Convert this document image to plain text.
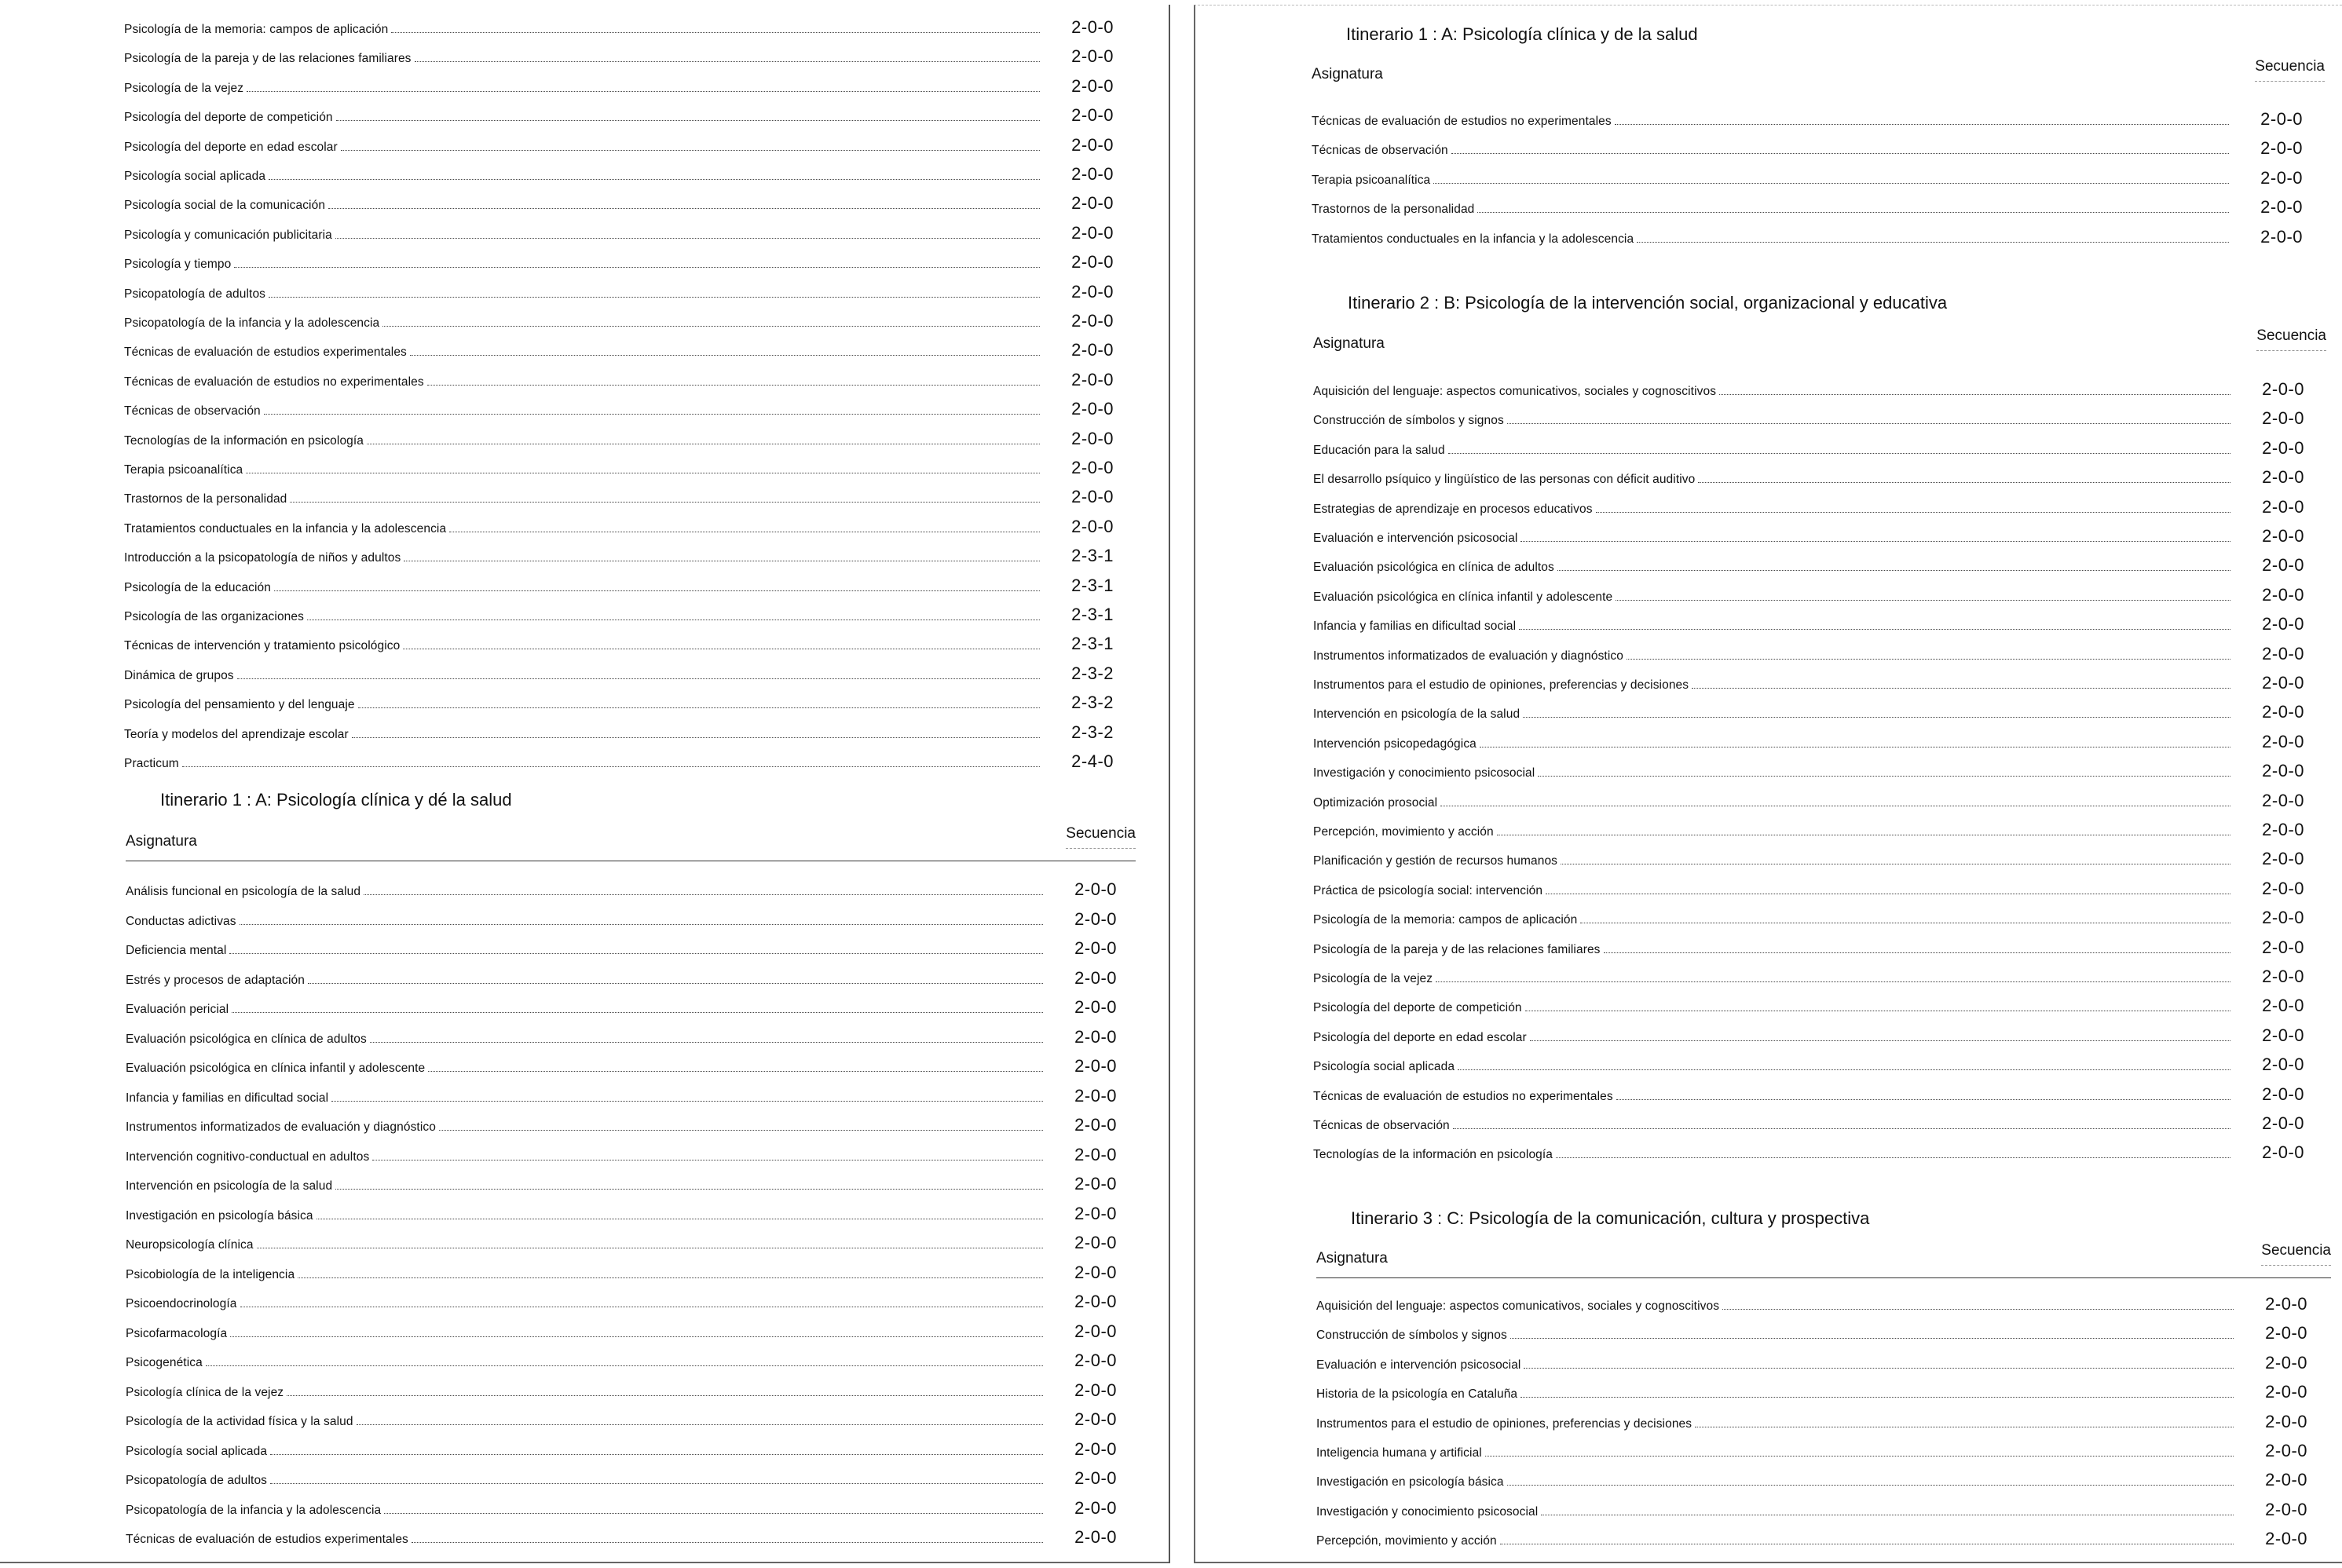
Psicología de la memoria: campos de aplicación	2-0-0
Psicología de la pareja y de las relaciones familiares	2-0-0
Psicología de la vejez	2-0-0
Psicología del deporte de competición	2-0-0
Psicología del deporte en edad escolar	2-0-0
Psicología social aplicada	2-0-0
Psicología social de la comunicación	2-0-0
Psicología y comunicación publicitaria	2-0-0
Psicología y tiempo	2-0-0
Psicopatología de adultos	2-0-0
Psicopatología de la infancia y la adolescencia	2-0-0
Técnicas de evaluación de estudios experimentales	2-0-0
Técnicas de evaluación de estudios no experimentales	2-0-0
Técnicas de observación	2-0-0
Tecnologías de la información en psicología	2-0-0
Terapia psicoanalítica	2-0-0
Trastornos de la personalidad	2-0-0
Tratamientos conductuales en la infancia y la adolescencia	2-0-0
Introducción a la psicopatología de niños y adultos	2-3-1
Psicología de la educación	2-3-1
Psicología de las organizaciones	2-3-1
Técnicas de intervención y tratamiento psicológico	2-3-1
Dinámica de grupos	2-3-2
Psicología del pensamiento y del lenguaje	2-3-2
Teoría y modelos del aprendizaje escolar	2-3-2
Practicum	2-4-0
Itinerario 1 : A: Psicología clínica y dé la salud
Asignatura	Secuencia
Análisis funcional en psicología de la salud	2-0-0
Conductas adictivas	2-0-0
Deficiencia mental	2-0-0
Estrés y procesos de adaptación	2-0-0
Evaluación pericial	2-0-0
Evaluación psicológica en clínica de adultos	2-0-0
Evaluación psicológica en clínica infantil y adolescente	2-0-0
Infancia y familias en dificultad social	2-0-0
Instrumentos informatizados de evaluación y diagnóstico	2-0-0
Intervención cognitivo-conductual en adultos	2-0-0
Intervención en psicología de la salud	2-0-0
Investigación en psicología básica	2-0-0
Neuropsicología clínica	2-0-0
Psicobiología de la inteligencia	2-0-0
Psicoendocrinología	2-0-0
Psicofarmacología	2-0-0
Psicogenética	2-0-0
Psicología clínica de la vejez	2-0-0
Psicología de la actividad física y la salud	2-0-0
Psicología social aplicada	2-0-0
Psicopatología de adultos	2-0-0
Psicopatología de la infancia y la adolescencia	2-0-0
Técnicas de evaluación de estudios experimentales	2-0-0
Itinerario 1 : A: Psicología clínica y de la salud
Asignatura	Secuencia
Técnicas de evaluación de estudios no experimentales	2-0-0
Técnicas de observación	2-0-0
Terapia psicoanalítica	2-0-0
Trastornos de la personalidad	2-0-0
Tratamientos conductuales en la infancia y la adolescencia	2-0-0
Itinerario 2 : B: Psicología de la intervención social, organizacional y educativa
Asignatura	Secuencia
Aquisición del lenguaje: aspectos comunicativos, sociales y cognoscitivos	2-0-0
Construcción de símbolos y signos	2-0-0
Educación para la salud	2-0-0
El desarrollo psíquico y lingüístico de las personas con déficit auditivo	2-0-0
Estrategias de aprendizaje en procesos educativos	2-0-0
Evaluación e intervención psicosocial	2-0-0
Evaluación psicológica en clínica de adultos	2-0-0
Evaluación psicológica en clínica infantil y adolescente	2-0-0
Infancia y familias en dificultad social	2-0-0
Instrumentos informatizados de evaluación y diagnóstico	2-0-0
Instrumentos para el estudio de opiniones, preferencias y decisiones	2-0-0
Intervención en psicología de la salud	2-0-0
Intervención psicopedagógica	2-0-0
Investigación y conocimiento psicosocial	2-0-0
Optimización prosocial	2-0-0
Percepción, movimiento y acción	2-0-0
Planificación y gestión de recursos humanos	2-0-0
Práctica de psicología social: intervención	2-0-0
Psicología de la memoria: campos de aplicación	2-0-0
Psicología de la pareja y de las relaciones familiares	2-0-0
Psicología de la vejez	2-0-0
Psicología del deporte de competición	2-0-0
Psicología del deporte en edad escolar	2-0-0
Psicología social aplicada	2-0-0
Técnicas de evaluación de estudios no experimentales	2-0-0
Técnicas de observación	2-0-0
Tecnologías de la información en psicología	2-0-0
Itinerario 3 : C: Psicología de la comunicación, cultura y prospectiva
Asignatura	Secuencia
Aquisición del lenguaje: aspectos comunicativos, sociales y cognoscitivos	2-0-0
Construcción de símbolos y signos	2-0-0
Evaluación e intervención psicosocial	2-0-0
Historia de la psicología en Cataluña	2-0-0
Instrumentos para el estudio de opiniones, preferencias y decisiones	2-0-0
Inteligencia humana y artificial	2-0-0
Investigación en psicología básica	2-0-0
Investigación y conocimiento psicosocial	2-0-0
Percepción, movimiento y acción	2-0-0
